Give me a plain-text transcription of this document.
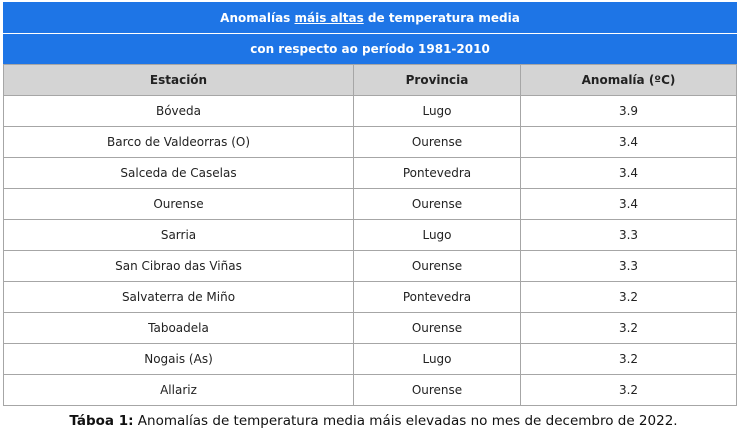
Anomalías máis altas de temperatura media		
con respecto ao período 1981-2010		
Estación	Provincia	Anomalía (ºC)
Bóveda	Lugo	3.9
Barco de Valdeorras (O)	Ourense	3.4
Salceda de Caselas	Pontevedra	3.4
Ourense	Ourense	3.4
Sarria	Lugo	3.3
San Cibrao das Viñas	Ourense	3.3
Salvaterra de Miño	Pontevedra	3.2
Taboadela	Ourense	3.2
Nogais (As)	Lugo	3.2
Allariz	Ourense	3.2
Táboa 1: Anomalías de temperatura media máis elevadas no mes de decembro de 2022.
